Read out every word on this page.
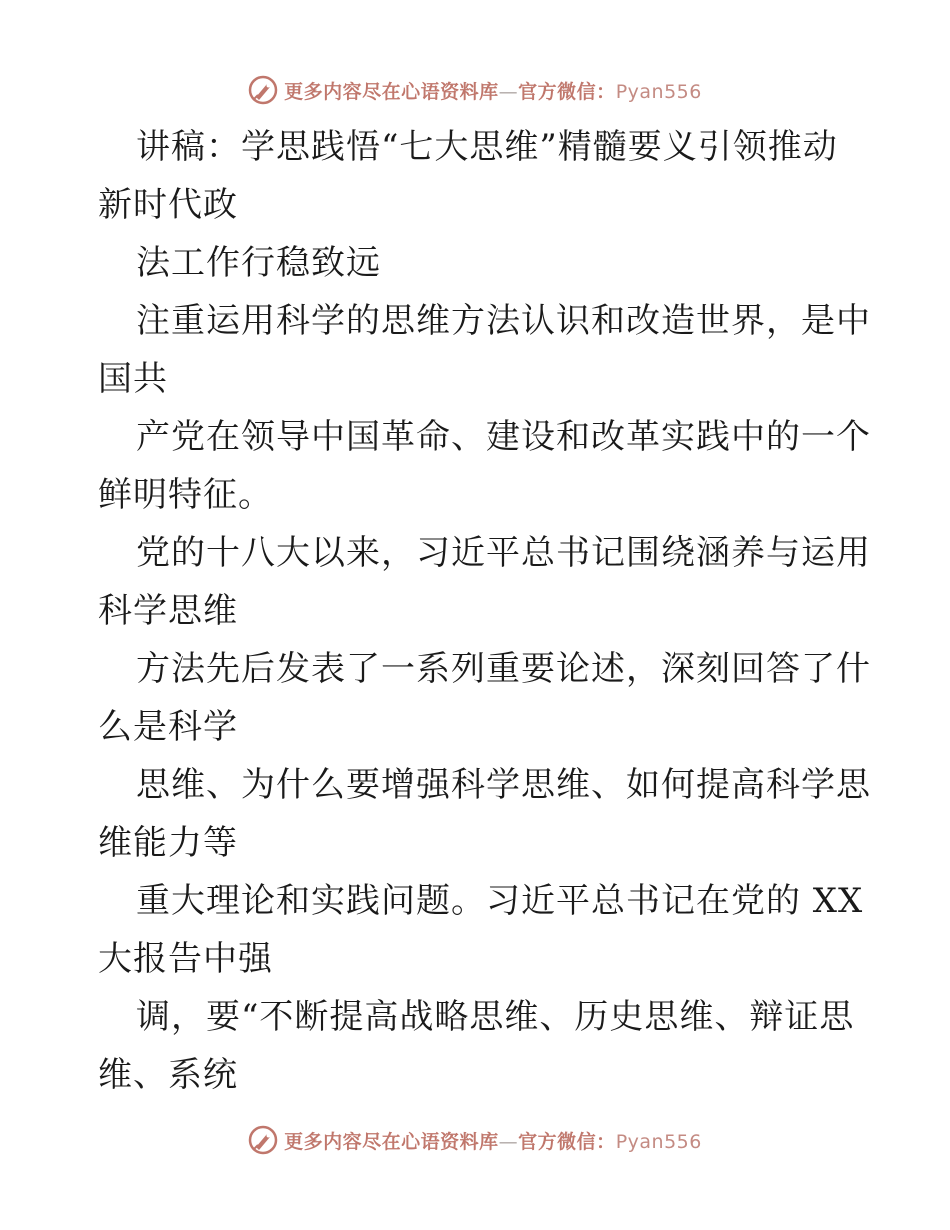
更多内容尽在心语资料库—官方微信：Pyan556
讲稿：学思践悟“七大思维”精髓要义引领推动
新时代政
法工作行稳致远
注重运用科学的思维方法认识和改造世界，是中
国共
产党在领导中国革命、建设和改革实践中的一个
鲜明特征。
党的十八大以来，习近平总书记围绕涵养与运用
科学思维
方法先后发表了一系列重要论述，深刻回答了什
么是科学
思维、为什么要增强科学思维、如何提高科学思
维能力等
重大理论和实践问题。习近平总书记在党的 XX
大报告中强
调，要“不断提高战略思维、历史思维、辩证思
维、系统
更多内容尽在心语资料库—官方微信：Pyan556
